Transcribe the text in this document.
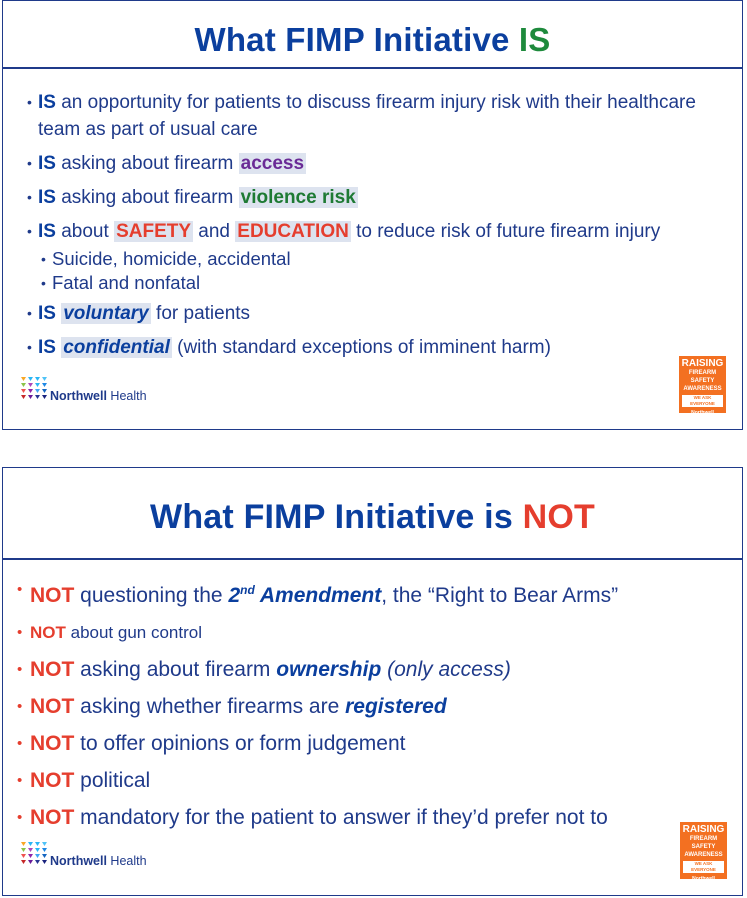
What FIMP Initiative IS
• IS an opportunity for patients to discuss firearm injury risk with their healthcare team as part of usual care
• IS asking about firearm access
• IS asking about firearm violence risk
• IS about SAFETY and EDUCATION to reduce risk of future firearm injury
• Suicide, homicide, accidental
• Fatal and nonfatal
• IS voluntary for patients
• IS confidential (with standard exceptions of imminent harm)
Northwell Health
RAISING
FIREARM SAFETY
AWARENESS
WE ASK EVERYONE
Northwell
What FIMP Initiative is NOT
• NOT questioning the 2nd Amendment, the “Right to Bear Arms”
• NOT about gun control
• NOT asking about firearm ownership (only access)
• NOT asking whether firearms are registered
• NOT to offer opinions or form judgement
• NOT political
• NOT mandatory for the patient to answer if they’d prefer not to
Northwell Health
RAISING
FIREARM SAFETY
AWARENESS
WE ASK EVERYONE
Northwell
